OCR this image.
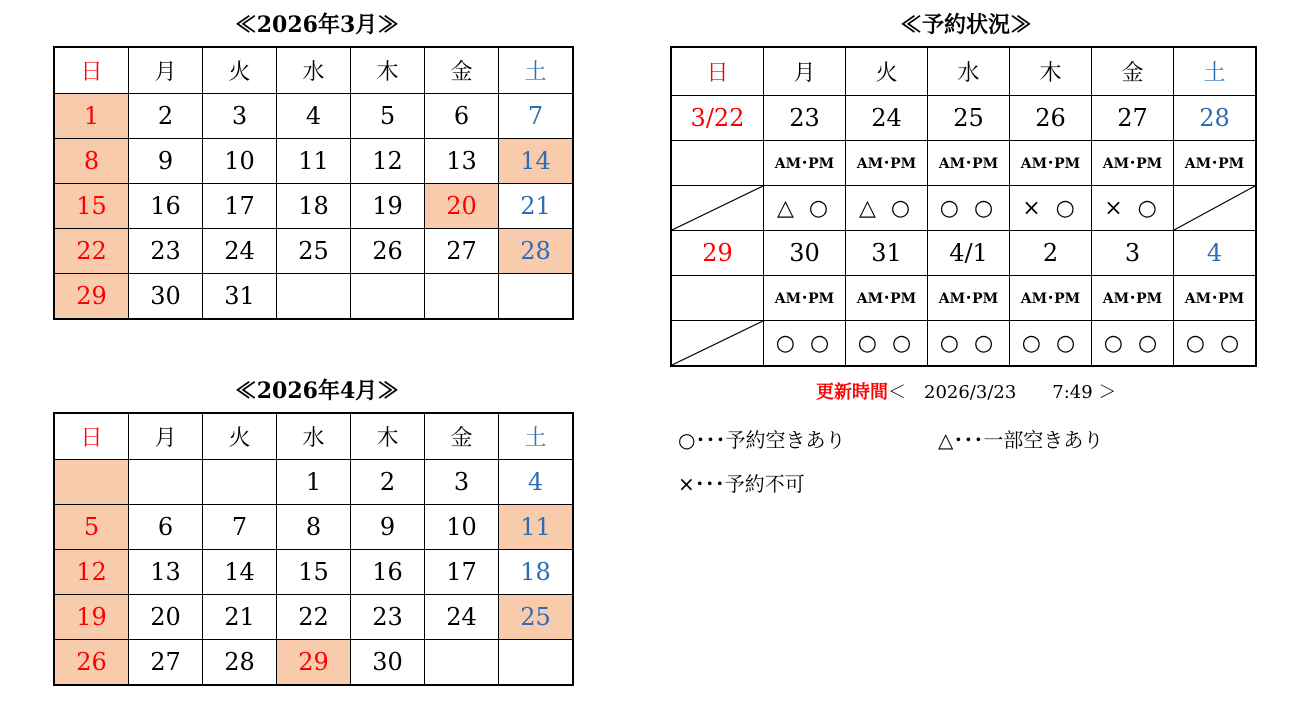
≪2026年3月≫
日	月	火	水	木	金	土
1	2	3	4	5	6	7
8	9	10	11	12	13	14
15	16	17	18	19	20	21
22	23	24	25	26	27	28
29	30	31				
≪2026年4月≫
日	月	火	水	木	金	土
			1	2	3	4
5	6	7	8	9	10	11
12	13	14	15	16	17	18
19	20	21	22	23	24	25
26	27	28	29	30		
≪予約状況≫
日	月	火	水	木	金	土
3/22	23	24	25	26	27	28
	AM･PM	AM･PM	AM･PM	AM･PM	AM･PM	AM･PM

	△ ○	△ ○	○ ○	× ○	× ○	

29	30	31	4/1	2	3	4
	AM･PM	AM･PM	AM･PM	AM･PM	AM･PM	AM･PM

	○ ○	○ ○	○ ○	○ ○	○ ○	○ ○
更新時間＜　2026/3/23　　7:49 ＞
○･･･予約空きあり	△･･･一部空きあり
×･･･予約不可
